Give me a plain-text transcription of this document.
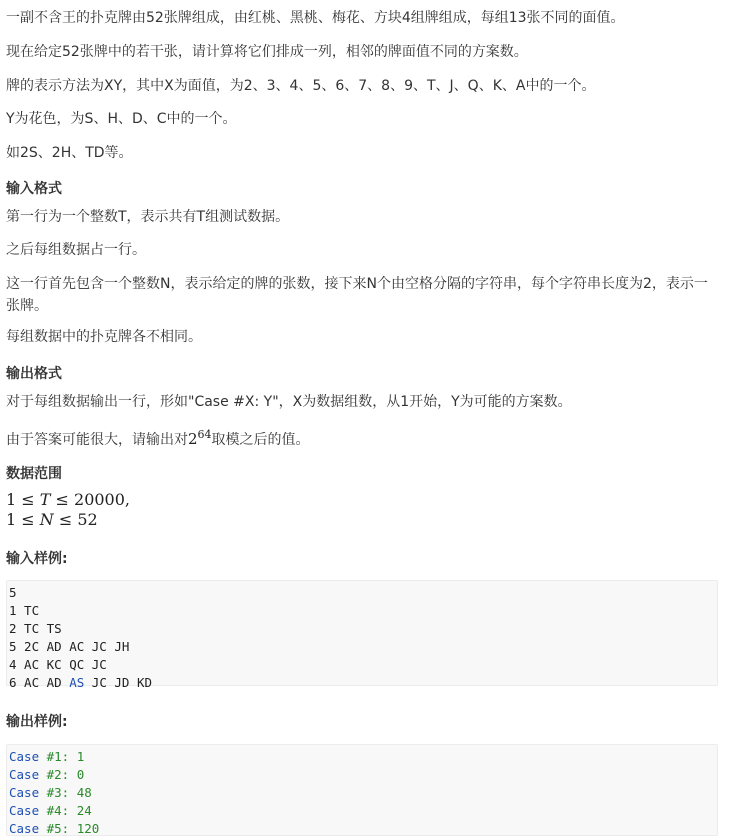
一副不含王的扑克牌由52张牌组成，由红桃、黑桃、梅花、方块4组牌组成，每组13张不同的面值。

现在给定52张牌中的若干张，请计算将它们排成一列，相邻的牌面值不同的方案数。

牌的表示方法为XY，其中X为面值，为2、3、4、5、6、7、8、9、T、J、Q、K、A中的一个。

Y为花色，为S、H、D、C中的一个。

如2S、2H、TD等。

输入格式

第一行为一个整数T，表示共有T组测试数据。

之后每组数据占一行。

这一行首先包含一个整数N，表示给定的牌的张数，接下来N个由空格分隔的字符串，每个字符串长度为2，表示一张牌。

每组数据中的扑克牌各不相同。

输出格式

对于每组数据输出一行，形如"Case #X: Y"，X为数据组数，从1开始，Y为可能的方案数。

由于答案可能很大，请输出对$2^{64}$取模之后的值。

数据范围
1 ≤ T ≤ 20000,
1 ≤ N ≤ 52
输入样例:
5
1 TC
2 TC TS
5 2C AD AC JC JH
4 AC KC QC JC
6 AC AD AS JC JD KD
输出样例:
Case #1: 1
Case #2: 0
Case #3: 48
Case #4: 24
Case #5: 120
